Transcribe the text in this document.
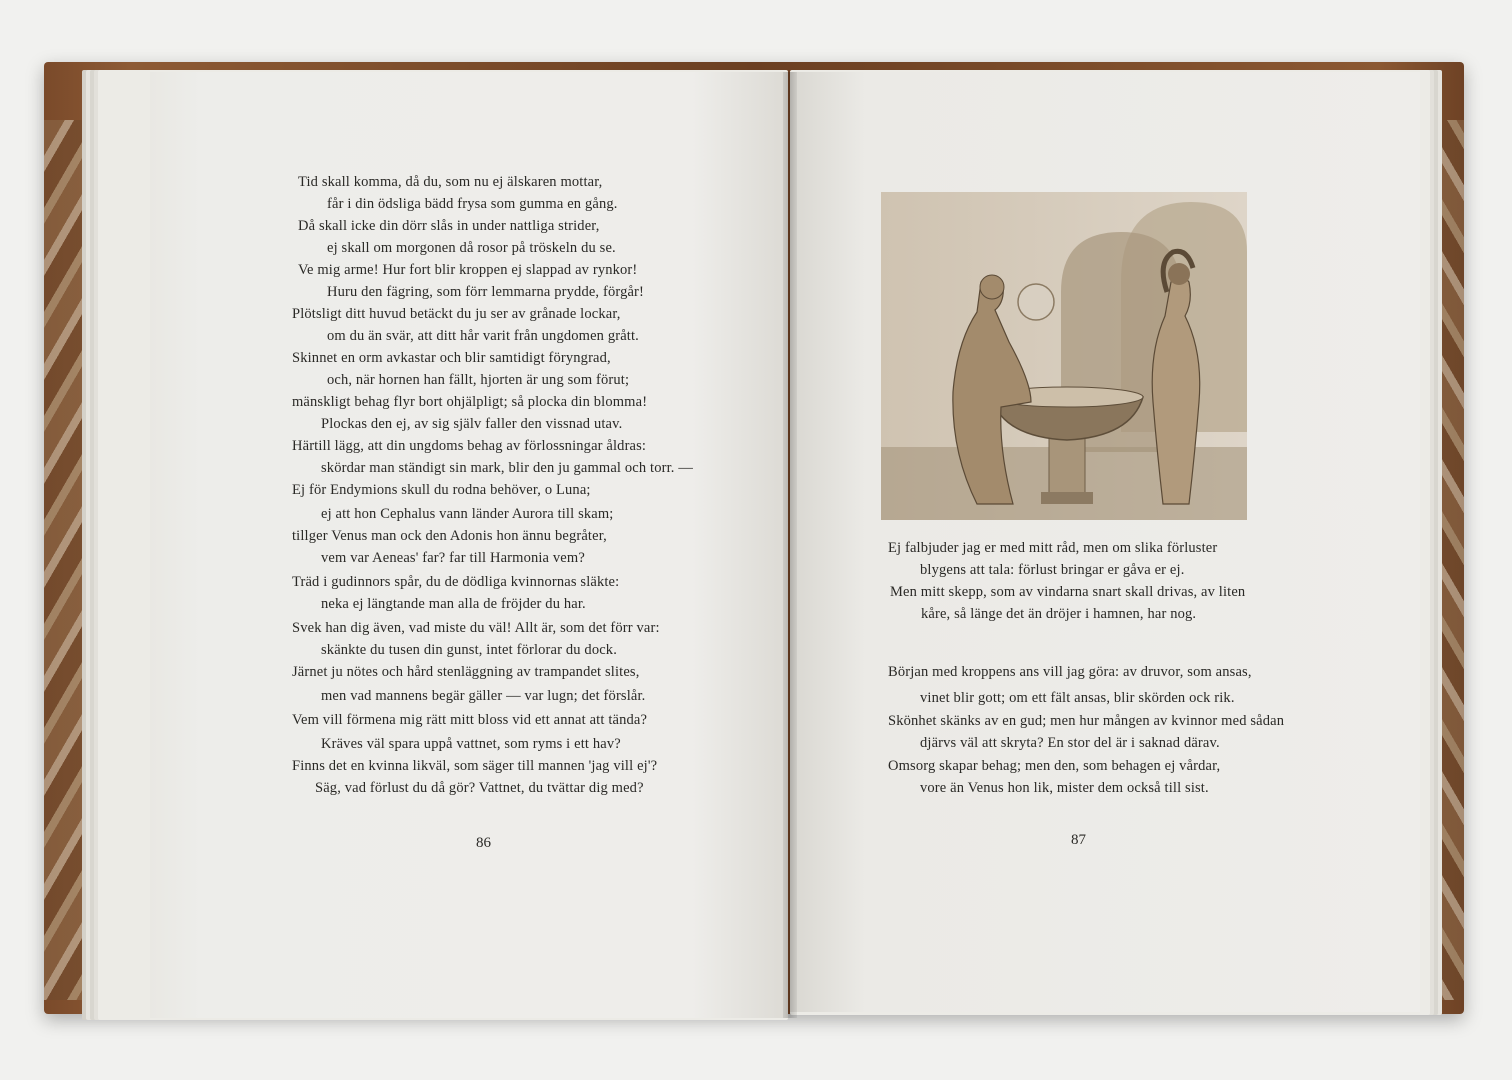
Tid skall komma, då du, som nu ej älskaren mottar,
får i din ödsliga bädd frysa som gumma en gång.
Då skall icke din dörr slås in under nattliga strider,
ej skall om morgonen då rosor på tröskeln du se.
Ve mig arme! Hur fort blir kroppen ej slappad av rynkor!
Huru den fägring, som förr lemmarna prydde, förgår!
Plötsligt ditt huvud betäckt du ju ser av grånade lockar,
om du än svär, att ditt hår varit från ungdomen grått.
Skinnet en orm avkastar och blir samtidigt föryngrad,
och, när hornen han fällt, hjorten är ung som förut;
mänskligt behag flyr bort ohjälpligt; så plocka din blomma!
Plockas den ej, av sig själv faller den vissnad utav.
Härtill lägg, att din ungdoms behag av förlossningar åldras:
skördar man ständigt sin mark, blir den ju gammal och torr. —
Ej för Endymions skull du rodna behöver, o Luna;
ej att hon Cephalus vann länder Aurora till skam;
tillger Venus man ock den Adonis hon ännu begråter,
vem var Aeneas' far? far till Harmonia vem?
Träd i gudinnors spår, du de dödliga kvinnornas släkte:
neka ej längtande man alla de fröjder du har.
Svek han dig även, vad miste du väl! Allt är, som det förr var:
skänkte du tusen din gunst, intet förlorar du dock.
Järnet ju nötes och hård stenläggning av trampandet slites,
men vad mannens begär gäller — var lugn; det förslår.
Vem vill förmena mig rätt mitt bloss vid ett annat att tända?
Kräves väl spara uppå vattnet, som ryms i ett hav?
Finns det en kvinna likväl, som säger till mannen 'jag vill ej'?
Säg, vad förlust du då gör? Vattnet, du tvättar dig med?
86
Ej falbjuder jag er med mitt råd, men om slika förluster
blygens att tala: förlust bringar er gåva er ej.
Men mitt skepp, som av vindarna snart skall drivas, av liten
kåre, så länge det än dröjer i hamnen, har nog.
Början med kroppens ans vill jag göra: av druvor, som ansas,
vinet blir gott; om ett fält ansas, blir skörden ock rik.
Skönhet skänks av en gud; men hur mången av kvinnor med sådan
djärvs väl att skryta? En stor del är i saknad därav.
Omsorg skapar behag; men den, som behagen ej vårdar,
vore än Venus hon lik, mister dem också till sist.
87
